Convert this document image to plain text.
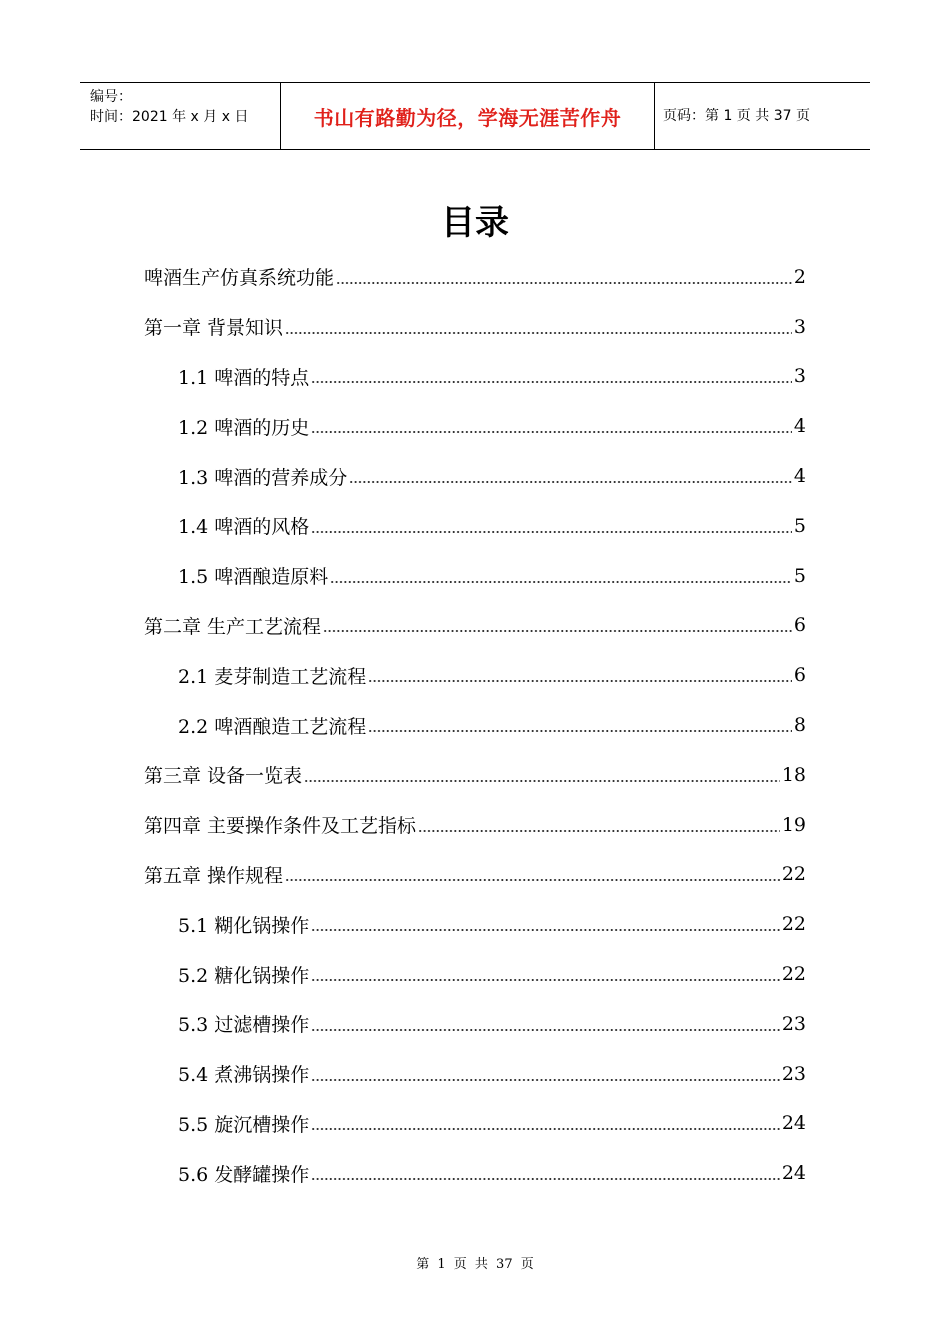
编号：
时间：2021 年 x 月 x 日	书山有路勤为径，学海无涯苦作舟	页码：第 1 页 共 37 页
目录
啤酒生产仿真系统功能	2
第一章 背景知识	3
1.1 啤酒的特点	3
1.2 啤酒的历史	4
1.3 啤酒的营养成分	4
1.4 啤酒的风格	5
1.5 啤酒酿造原料	5
第二章 生产工艺流程	6
2.1 麦芽制造工艺流程	6
2.2 啤酒酿造工艺流程	8
第三章 设备一览表	18
第四章 主要操作条件及工艺指标	19
第五章 操作规程	22
5.1 糊化锅操作	22
5.2 糖化锅操作	22
5.3 过滤槽操作	23
5.4 煮沸锅操作	23
5.5 旋沉槽操作	24
5.6 发酵罐操作	24
第 1 页 共 37 页
